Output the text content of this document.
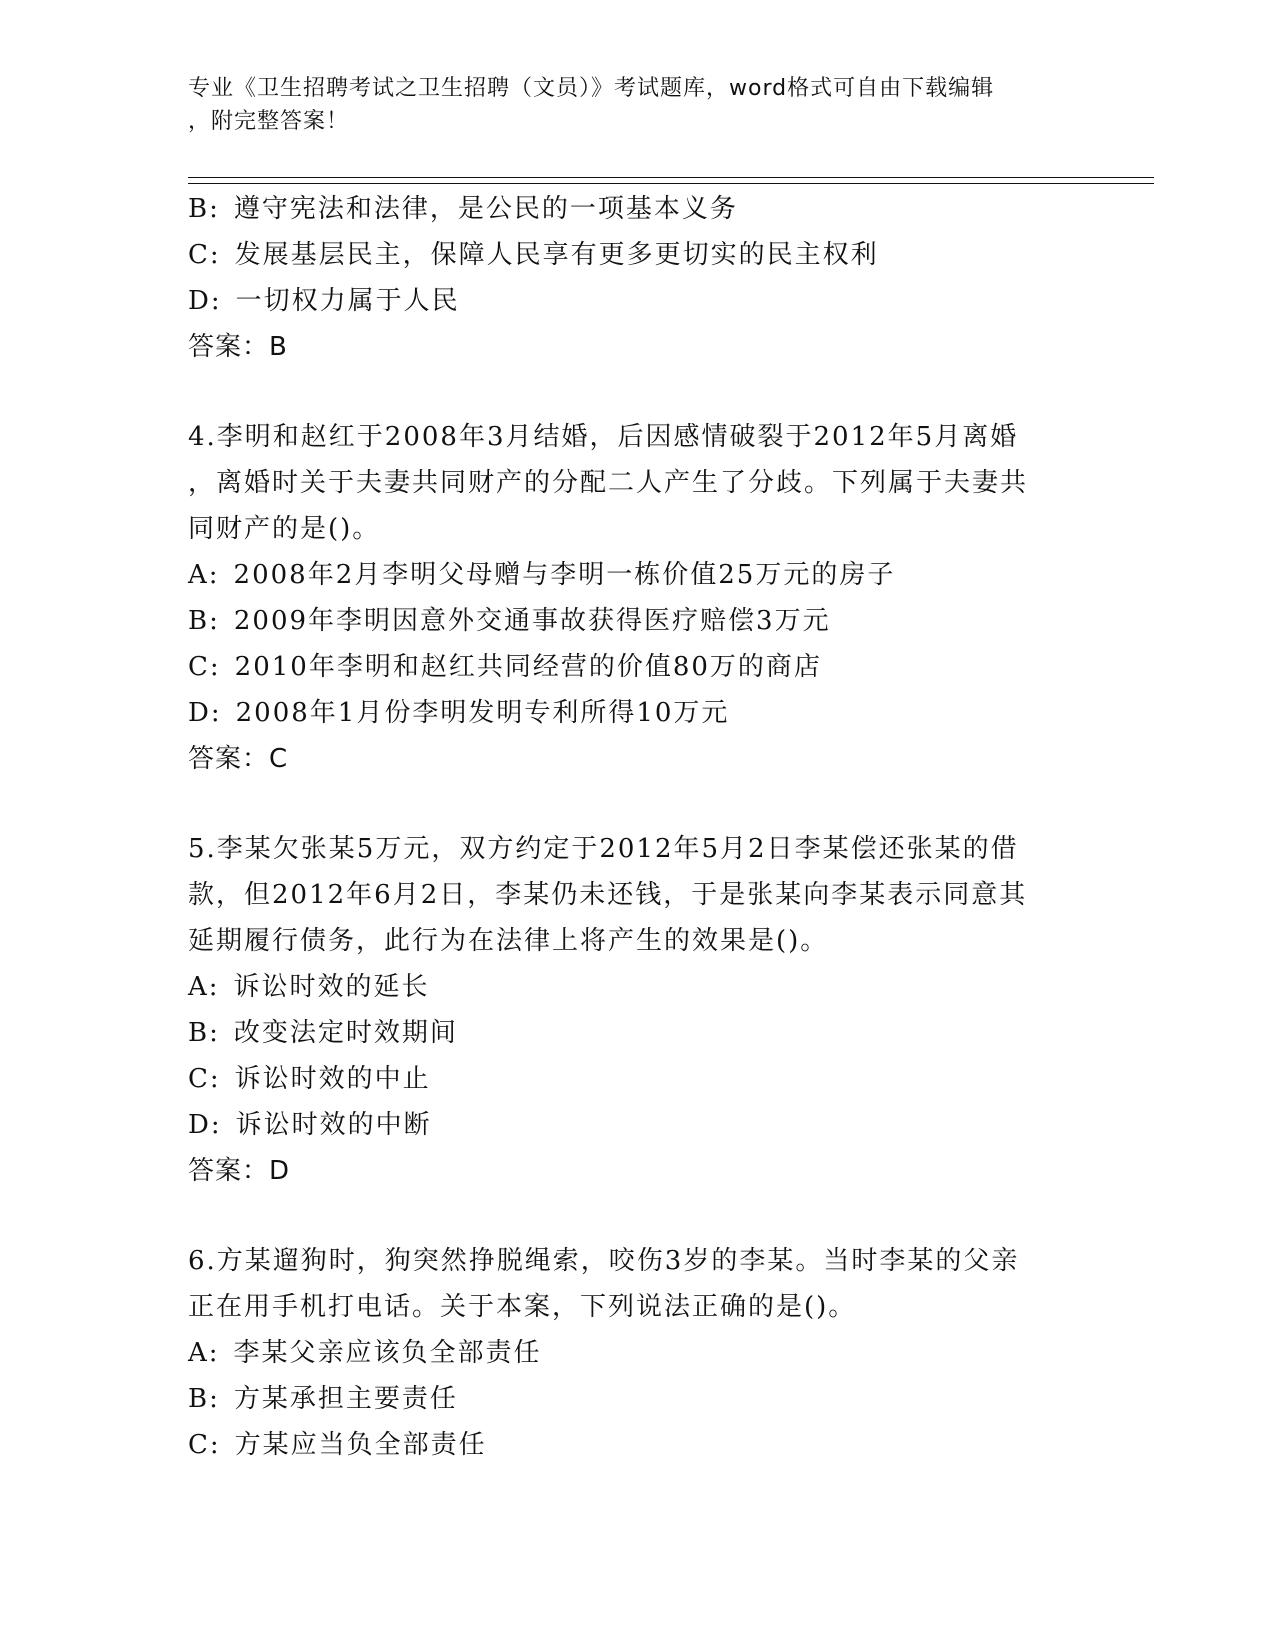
专业《卫生招聘考试之卫生招聘（文员）》考试题库，word格式可自由下载编辑
，附完整答案！
B: 遵守宪法和法律，是公民的一项基本义务
C: 发展基层民主，保障人民享有更多更切实的民主权利
D: 一切权力属于人民
答案：B
4.李明和赵红于2008年3月结婚，后因感情破裂于2012年5月离婚
，离婚时关于夫妻共同财产的分配二人产生了分歧。下列属于夫妻共
同财产的是()。
A: 2008年2月李明父母赠与李明一栋价值25万元的房子
B: 2009年李明因意外交通事故获得医疗赔偿3万元
C: 2010年李明和赵红共同经营的价值80万的商店
D: 2008年1月份李明发明专利所得10万元
答案：C
5.李某欠张某5万元，双方约定于2012年5月2日李某偿还张某的借
款，但2012年6月2日，李某仍未还钱，于是张某向李某表示同意其
延期履行债务，此行为在法律上将产生的效果是()。
A: 诉讼时效的延长
B: 改变法定时效期间
C: 诉讼时效的中止
D: 诉讼时效的中断
答案：D
6.方某遛狗时，狗突然挣脱绳索，咬伤3岁的李某。当时李某的父亲
正在用手机打电话。关于本案，下列说法正确的是()。
A: 李某父亲应该负全部责任
B: 方某承担主要责任
C: 方某应当负全部责任
